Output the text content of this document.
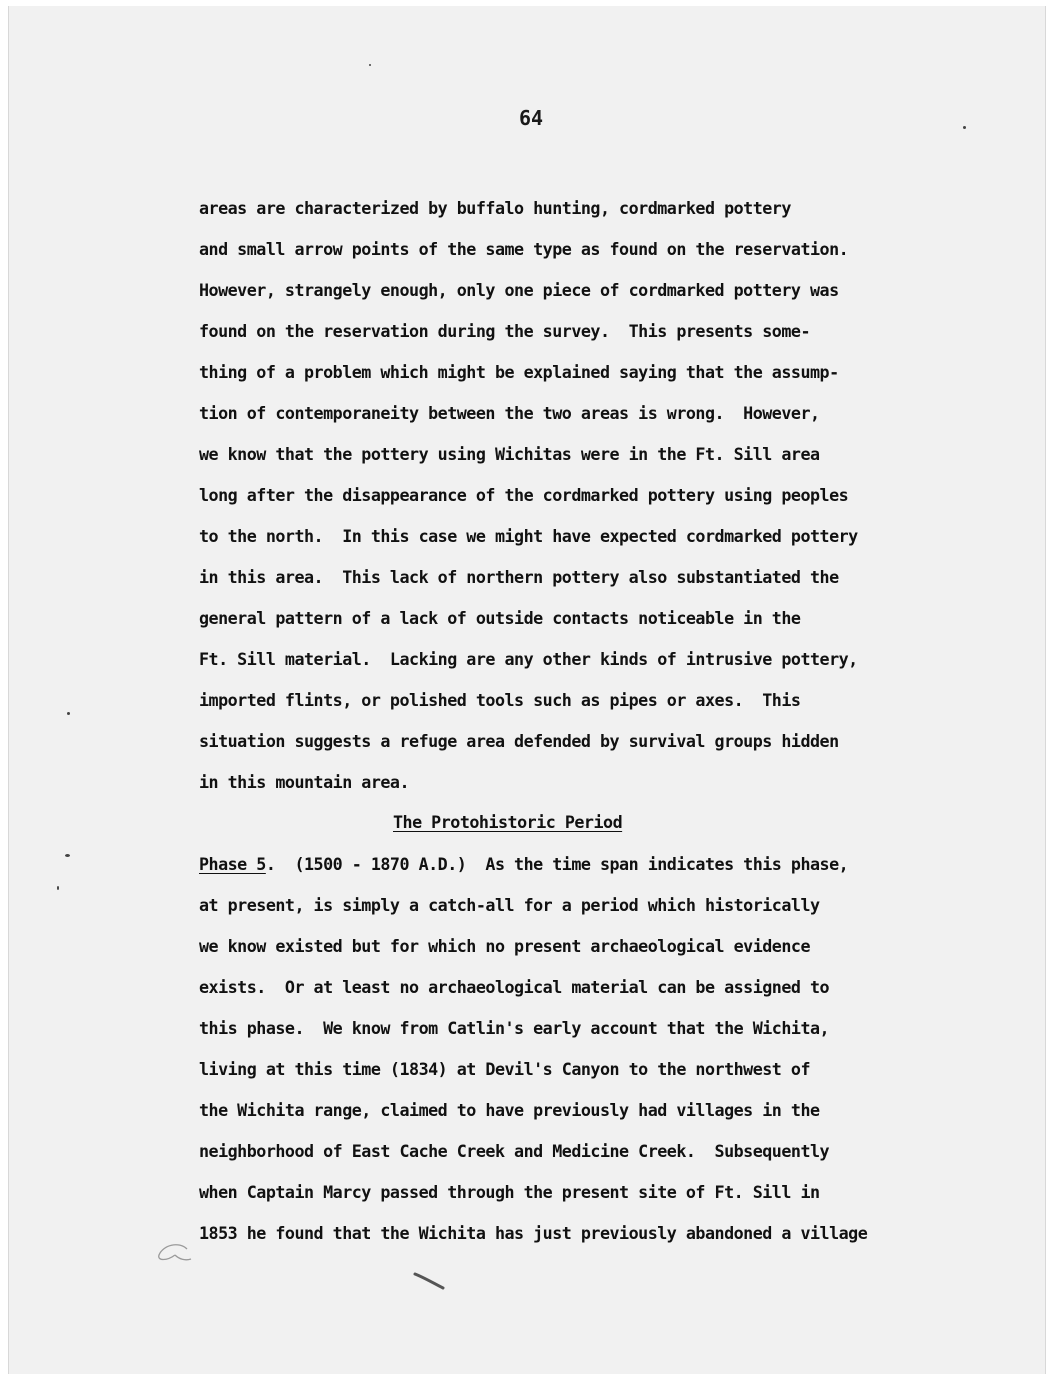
64
areas are characterized by buffalo hunting, cordmarked pottery
and small arrow points of the same type as found on the reservation.
However, strangely enough, only one piece of cordmarked pottery was
found on the reservation during the survey.  This presents some-
thing of a problem which might be explained saying that the assump-
tion of contemporaneity between the two areas is wrong.  However,
we know that the pottery using Wichitas were in the Ft. Sill area
long after the disappearance of the cordmarked pottery using peoples
to the north.  In this case we might have expected cordmarked pottery
in this area.  This lack of northern pottery also substantiated the
general pattern of a lack of outside contacts noticeable in the
Ft. Sill material.  Lacking are any other kinds of intrusive pottery,
imported flints, or polished tools such as pipes or axes.  This
situation suggests a refuge area defended by survival groups hidden
in this mountain area.
The Protohistoric Period
Phase 5.  (1500 - 1870 A.D.)  As the time span indicates this phase,
at present, is simply a catch-all for a period which historically
we know existed but for which no present archaeological evidence
exists.  Or at least no archaeological material can be assigned to
this phase.  We know from Catlin's early account that the Wichita,
living at this time (1834) at Devil's Canyon to the northwest of
the Wichita range, claimed to have previously had villages in the
neighborhood of East Cache Creek and Medicine Creek.  Subsequently
when Captain Marcy passed through the present site of Ft. Sill in
1853 he found that the Wichita has just previously abandoned a village
